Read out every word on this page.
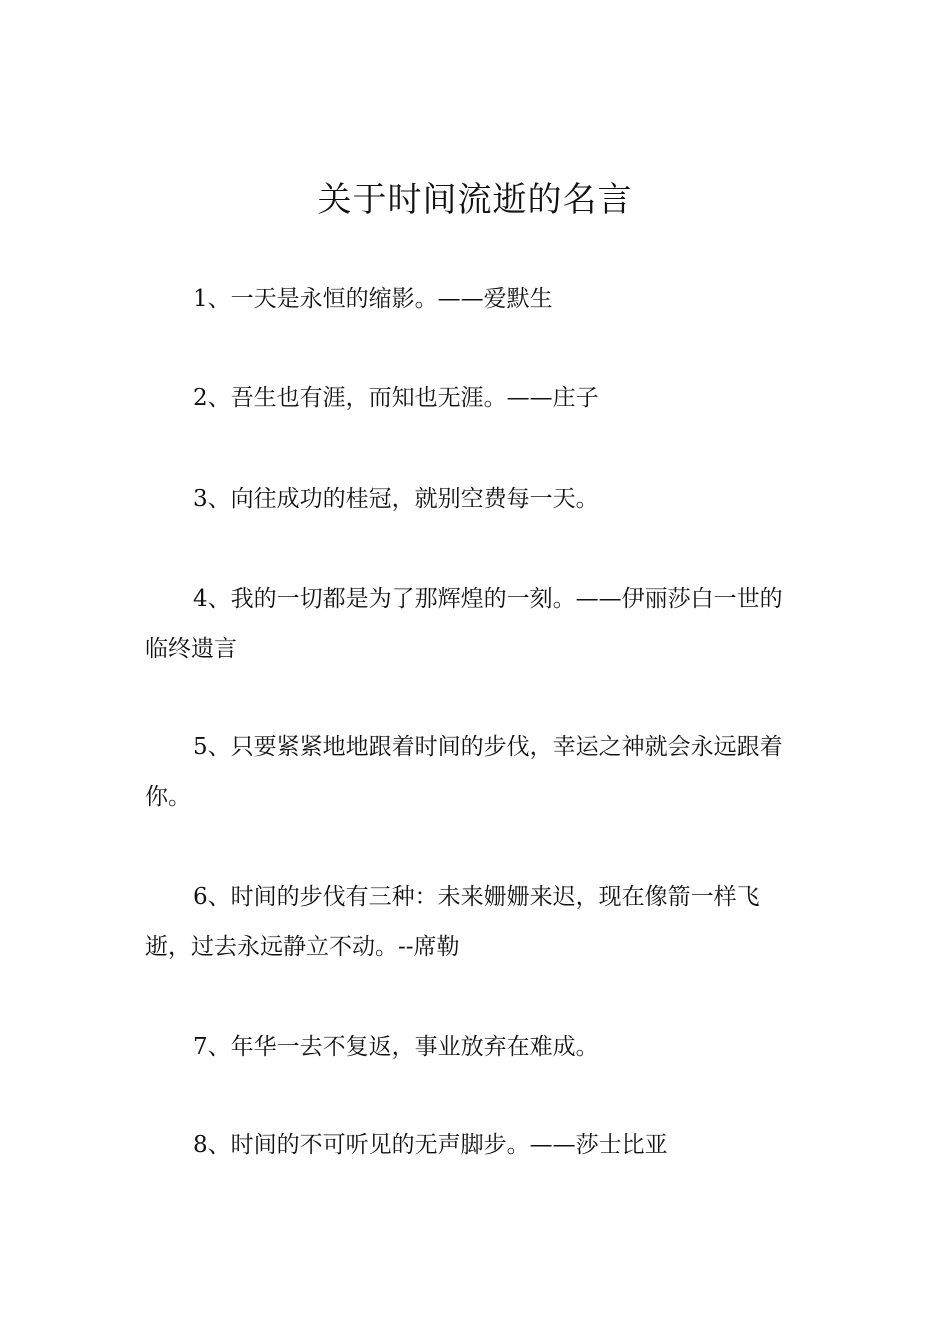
关于时间流逝的名言

1、一天是永恒的缩影。——爱默生

2、吾生也有涯，而知也无涯。——庄子

3、向往成功的桂冠，就别空费每一天。

4、我的一切都是为了那辉煌的一刻。——伊丽莎白一世的临终遗言

5、只要紧紧地地跟着时间的步伐，幸运之神就会永远跟着你。

6、时间的步伐有三种：未来姗姗来迟，现在像箭一样飞逝，过去永远静立不动。--席勒

7、年华一去不复返，事业放弃在难成。

8、时间的不可听见的无声脚步。——莎士比亚
